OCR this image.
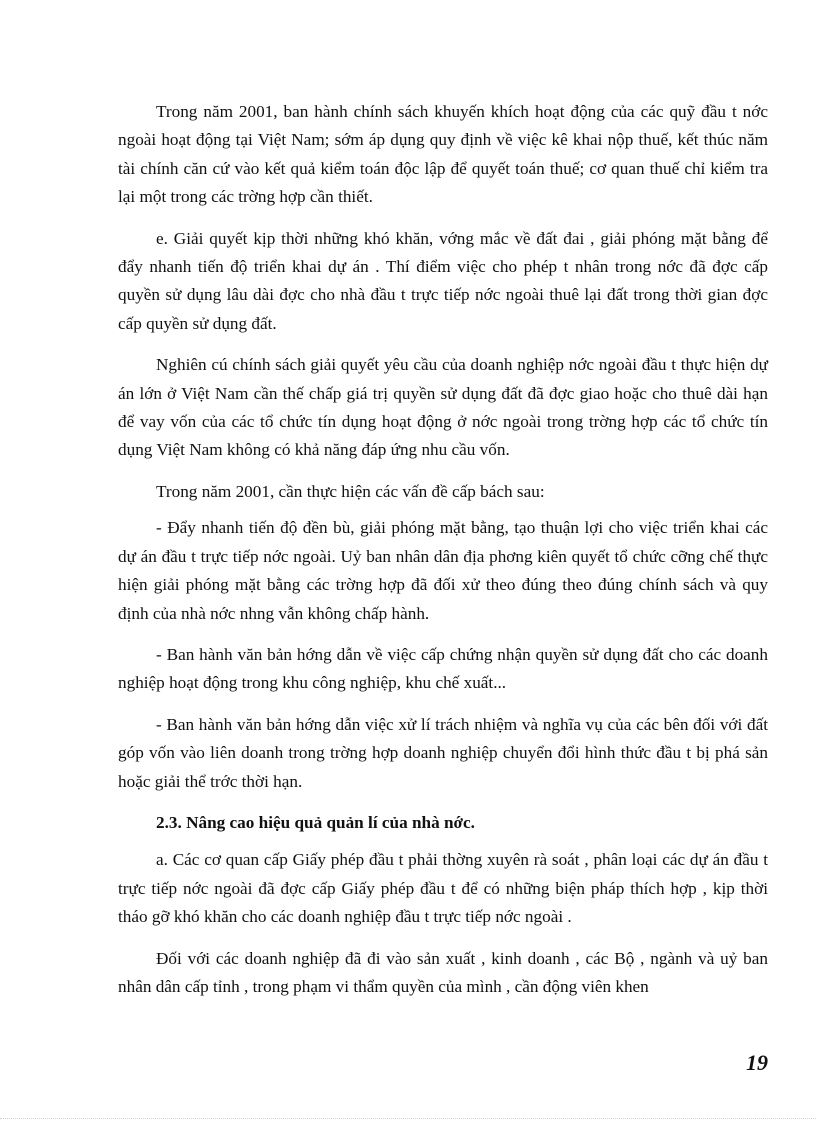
Trong năm 2001, ban hành chính sách khuyến khích hoạt động của các quỹ đầu t nớc ngoài hoạt động tại Việt Nam; sớm áp dụng quy định về việc kê khai nộp thuế, kết thúc năm tài chính căn cứ vào kết quả kiểm toán độc lập để quyết toán thuế; cơ quan thuế chỉ kiểm tra lại một trong các trờng hợp cần thiết.

e. Giải quyết kịp thời những khó khăn, vớng mắc về đất đai , giải phóng mặt bằng để đẩy nhanh tiến độ triển khai dự án . Thí điểm việc cho phép t nhân trong nớc đã đợc cấp quyền sử dụng lâu dài đợc cho nhà đầu t trực tiếp nớc ngoài thuê lại đất trong thời gian đợc cấp quyền sử dụng đất.

Nghiên cú chính sách giải quyết yêu cầu của doanh nghiệp nớc ngoài đầu t thực hiện dự án lớn ở Việt Nam cần thế chấp giá trị quyền sử dụng đất đã đợc giao hoặc cho thuê dài hạn để vay vốn của các tổ chức tín dụng hoạt động ở nớc ngoài trong trờng hợp các tổ chức tín dụng Việt Nam không có khả năng đáp ứng nhu cầu vốn.

Trong năm 2001, cần thực hiện các vấn đề cấp bách sau:

- Đẩy nhanh tiến độ đền bù, giải phóng mặt bằng, tạo thuận lợi cho việc triển khai các dự án đầu t trực tiếp nớc ngoài. Uỷ ban nhân dân địa phơng kiên quyết tổ chức cỡng chế thực hiện giải phóng mặt bằng các trờng hợp đã đối xử theo đúng theo đúng chính sách và quy định của nhà nớc nhng vẫn không chấp hành.

- Ban hành văn bản hớng dẫn về việc cấp chứng nhận quyền sử dụng đất cho các doanh nghiệp hoạt động trong khu công nghiệp, khu chế xuất...

- Ban hành văn bản hớng dẫn việc xử lí trách nhiệm và nghĩa vụ của các bên đối với đất góp vốn vào liên doanh trong trờng hợp doanh nghiệp chuyển đổi hình thức đầu t bị phá sản hoặc giải thể trớc thời hạn.

2.3. Nâng cao hiệu quả quản lí của nhà nớc.

a. Các cơ quan cấp Giấy phép đầu t phải thờng xuyên rà soát , phân loại các dự án đầu t trực tiếp nớc ngoài đã đợc cấp Giấy phép đầu t để có những biện pháp thích hợp , kịp thời tháo gỡ khó khăn cho các doanh nghiệp đầu t trực tiếp nớc ngoài .

Đối với các doanh nghiệp đã đi vào sản xuất , kinh doanh , các Bộ , ngành và uỷ ban nhân dân cấp tỉnh , trong phạm vi thẩm quyền của mình , cần động viên khen

19
